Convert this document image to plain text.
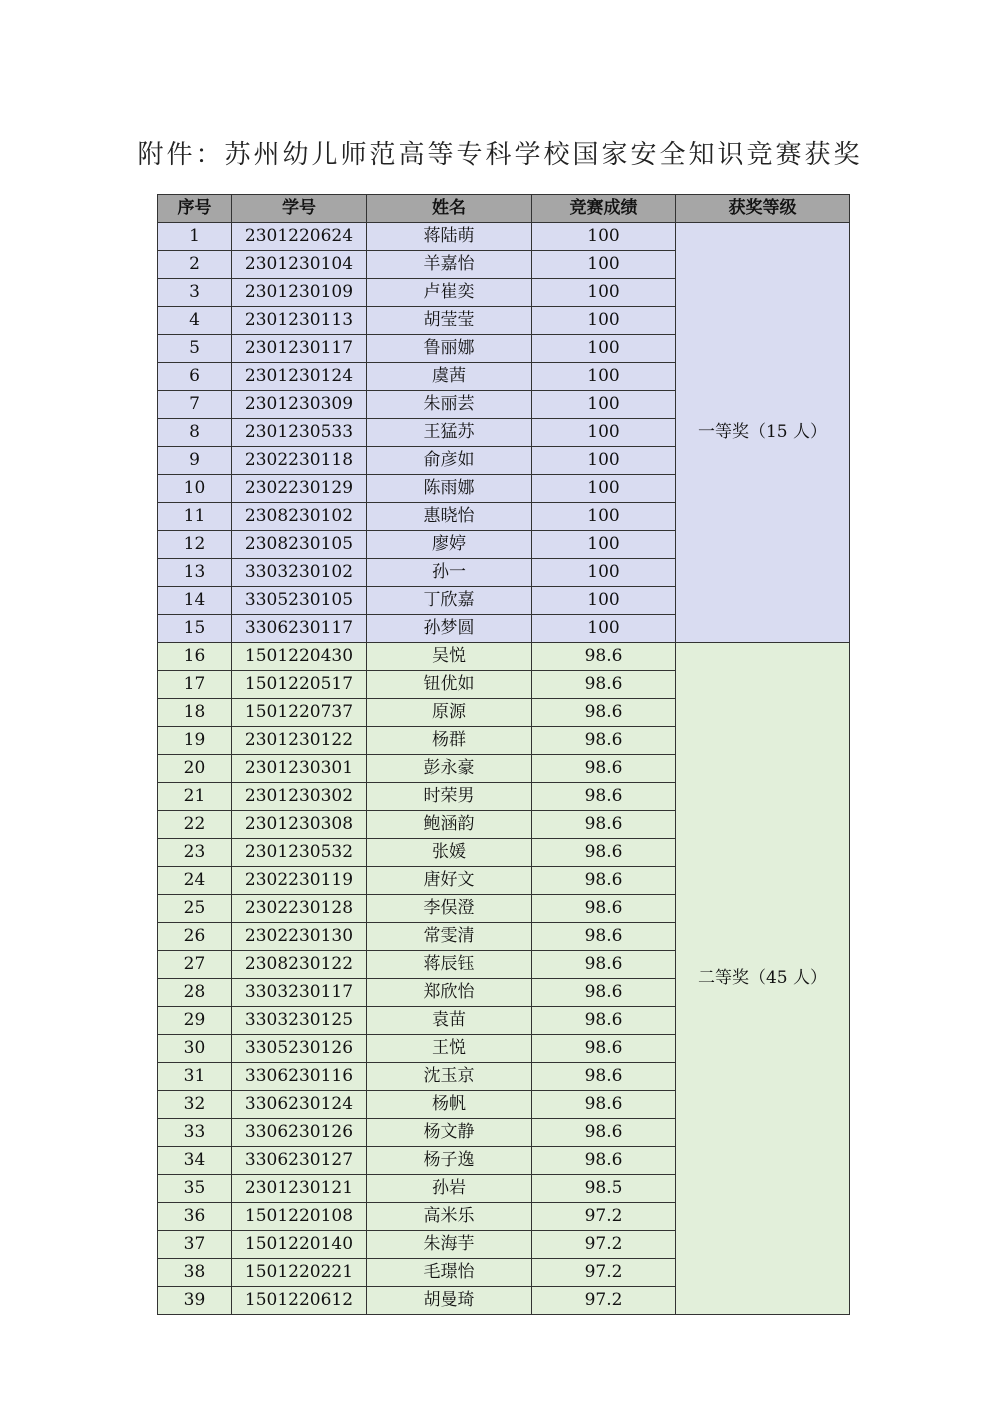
附件：苏州幼儿师范高等专科学校国家安全知识竞赛获奖
序号	学号	姓名	竞赛成绩	获奖等级
1	2301220624	蒋陆萌	100	一等奖（15 人）
2	2301230104	羊嘉怡	100	
3	2301230109	卢崔奕	100	
4	2301230113	胡莹莹	100	
5	2301230117	鲁丽娜	100	
6	2301230124	虞茜	100	
7	2301230309	朱丽芸	100	
8	2301230533	王猛苏	100	
9	2302230118	俞彦如	100	
10	2302230129	陈雨娜	100	
11	2308230102	惠晓怡	100	
12	2308230105	廖婷	100	
13	3303230102	孙一	100	
14	3305230105	丁欣嘉	100	
15	3306230117	孙梦圆	100	
16	1501220430	吴悦	98.6	二等奖（45 人）
17	1501220517	钮优如	98.6	
18	1501220737	原源	98.6	
19	2301230122	杨群	98.6	
20	2301230301	彭永豪	98.6	
21	2301230302	时荣男	98.6	
22	2301230308	鲍涵韵	98.6	
23	2301230532	张媛	98.6	
24	2302230119	唐好文	98.6	
25	2302230128	李俣澄	98.6	
26	2302230130	常雯清	98.6	
27	2308230122	蒋辰钰	98.6	
28	3303230117	郑欣怡	98.6	
29	3303230125	袁苗	98.6	
30	3305230126	王悦	98.6	
31	3306230116	沈玉京	98.6	
32	3306230124	杨帆	98.6	
33	3306230126	杨文静	98.6	
34	3306230127	杨子逸	98.6	
35	2301230121	孙岩	98.5	
36	1501220108	高米乐	97.2	
37	1501220140	朱海芋	97.2	
38	1501220221	毛璟怡	97.2	
39	1501220612	胡曼琦	97.2	
